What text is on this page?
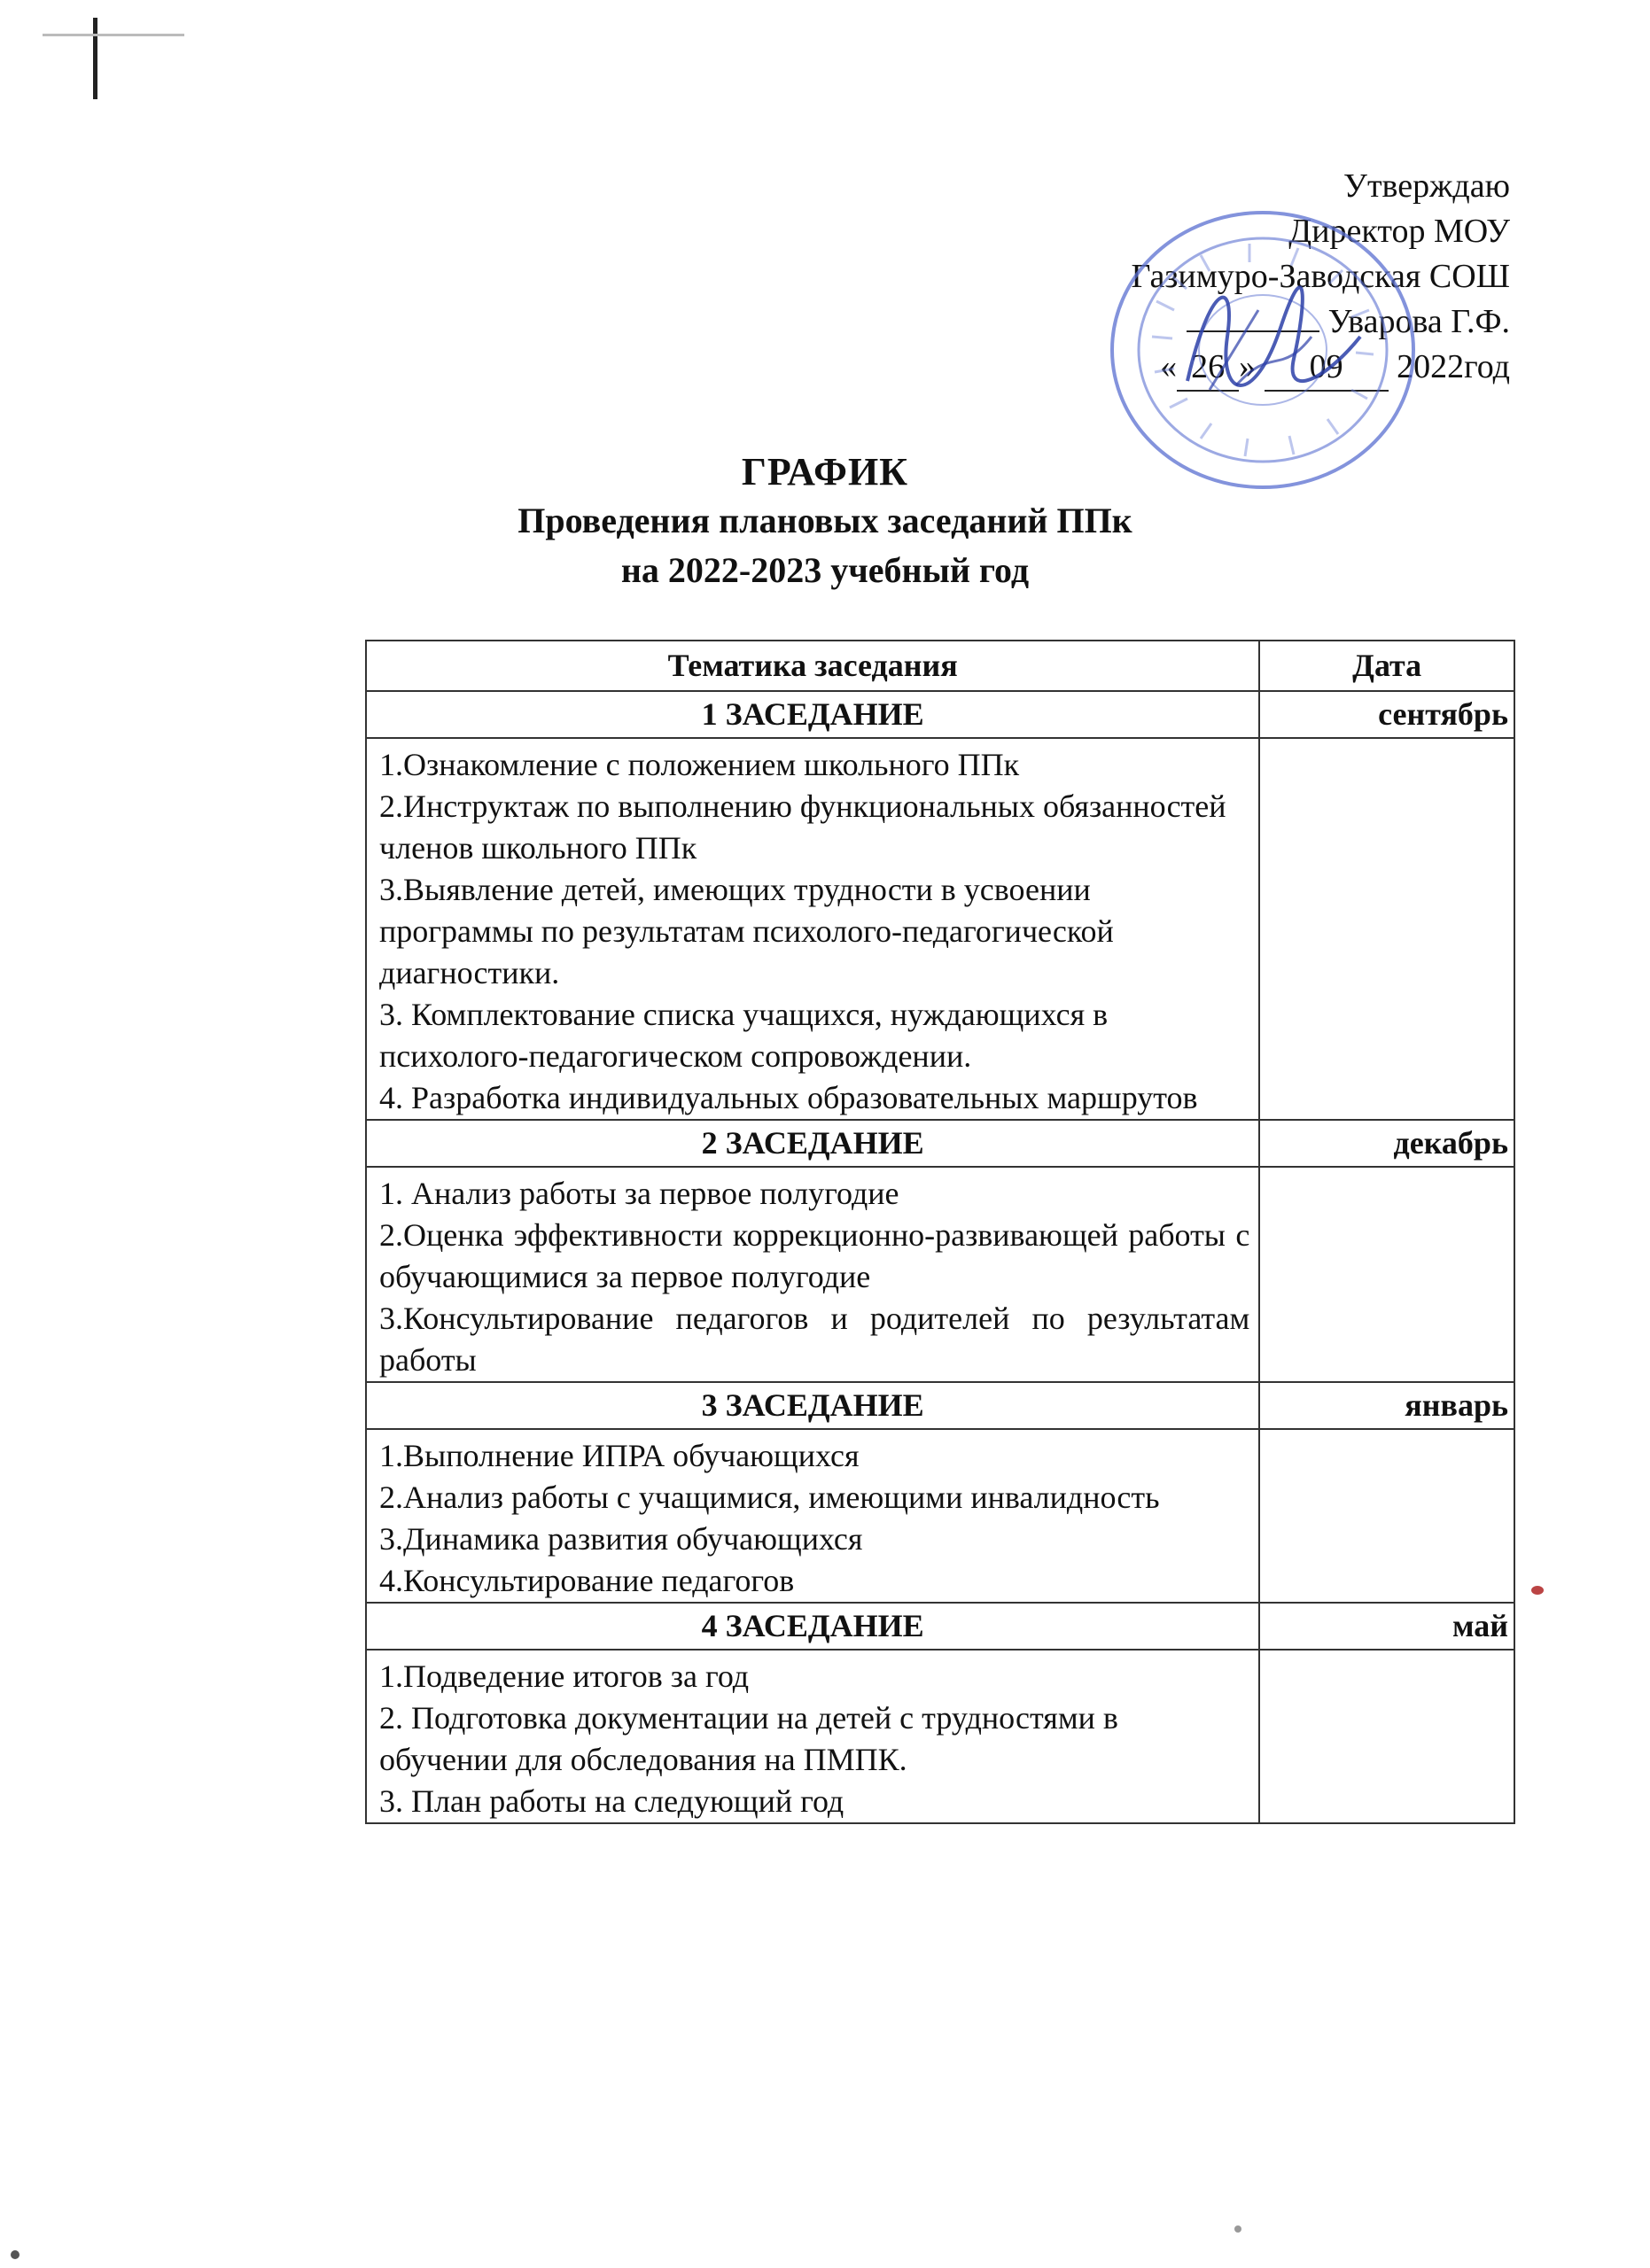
Утверждаю
Директор МОУ
Газимуро-Заводская СОШ
Уварова Г.Ф.
« 26 » 09 2022год
ГРАФИК
Проведения плановых заседаний ППк
на 2022-2023 учебный год
Тематика заседания	Дата
1 ЗАСЕДАНИЕ	сентябрь

1.Ознакомление с положением школьного ППк

2.Инструктаж по выполнению функциональных обязанностей членов школьного ППк

3.Выявление детей, имеющих трудности в усвоении программы по результатам психолого-педагогической диагностики.

3. Комплектование списка учащихся, нуждающихся в психолого-педагогическом сопровождении.

4. Разработка индивидуальных образовательных маршрутов	

2 ЗАСЕДАНИЕ	декабрь

1. Анализ работы за первое полугодие

2.Оценка эффективности коррекционно-развивающей работы с обучающимися за первое полугодие

3.Консультирование педагогов и родителей по результатам работы	

3 ЗАСЕДАНИЕ	январь

1.Выполнение ИПРА обучающихся

2.Анализ работы с учащимися, имеющими инвалидность

3.Динамика развития обучающихся

4.Консультирование педагогов	

4 ЗАСЕДАНИЕ	май

1.Подведение итогов за год

2. Подготовка документации на детей с трудностями в обучении для обследования на ПМПК.

3. План работы на следующий год	
